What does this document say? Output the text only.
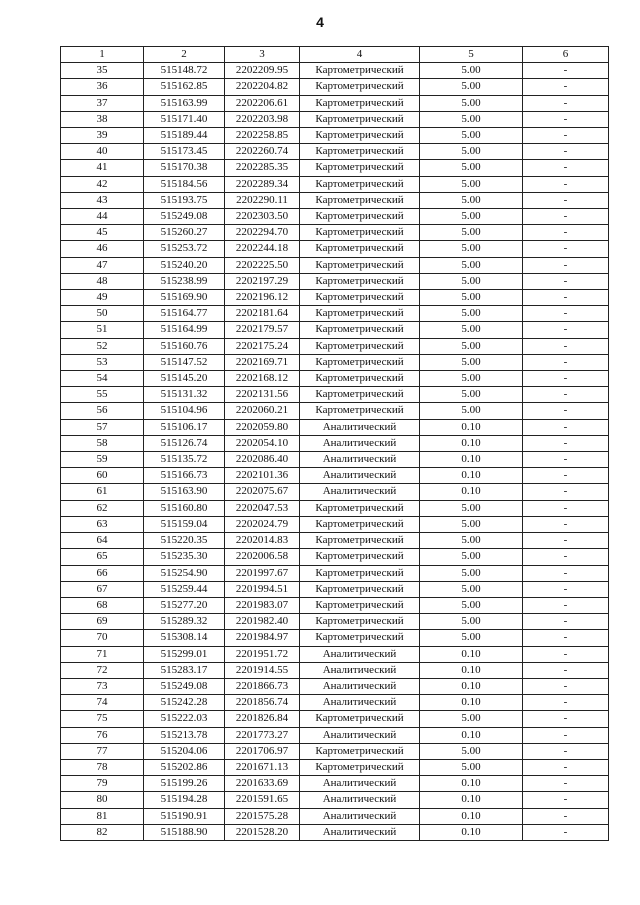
4
1	2	3	4	5	6
35	515148.72	2202209.95	Картометрический	5.00	-
36	515162.85	2202204.82	Картометрический	5.00	-
37	515163.99	2202206.61	Картометрический	5.00	-
38	515171.40	2202203.98	Картометрический	5.00	-
39	515189.44	2202258.85	Картометрический	5.00	-
40	515173.45	2202260.74	Картометрический	5.00	-
41	515170.38	2202285.35	Картометрический	5.00	-
42	515184.56	2202289.34	Картометрический	5.00	-
43	515193.75	2202290.11	Картометрический	5.00	-
44	515249.08	2202303.50	Картометрический	5.00	-
45	515260.27	2202294.70	Картометрический	5.00	-
46	515253.72	2202244.18	Картометрический	5.00	-
47	515240.20	2202225.50	Картометрический	5.00	-
48	515238.99	2202197.29	Картометрический	5.00	-
49	515169.90	2202196.12	Картометрический	5.00	-
50	515164.77	2202181.64	Картометрический	5.00	-
51	515164.99	2202179.57	Картометрический	5.00	-
52	515160.76	2202175.24	Картометрический	5.00	-
53	515147.52	2202169.71	Картометрический	5.00	-
54	515145.20	2202168.12	Картометрический	5.00	-
55	515131.32	2202131.56	Картометрический	5.00	-
56	515104.96	2202060.21	Картометрический	5.00	-
57	515106.17	2202059.80	Аналитический	0.10	-
58	515126.74	2202054.10	Аналитический	0.10	-
59	515135.72	2202086.40	Аналитический	0.10	-
60	515166.73	2202101.36	Аналитический	0.10	-
61	515163.90	2202075.67	Аналитический	0.10	-
62	515160.80	2202047.53	Картометрический	5.00	-
63	515159.04	2202024.79	Картометрический	5.00	-
64	515220.35	2202014.83	Картометрический	5.00	-
65	515235.30	2202006.58	Картометрический	5.00	-
66	515254.90	2201997.67	Картометрический	5.00	-
67	515259.44	2201994.51	Картометрический	5.00	-
68	515277.20	2201983.07	Картометрический	5.00	-
69	515289.32	2201982.40	Картометрический	5.00	-
70	515308.14	2201984.97	Картометрический	5.00	-
71	515299.01	2201951.72	Аналитический	0.10	-
72	515283.17	2201914.55	Аналитический	0.10	-
73	515249.08	2201866.73	Аналитический	0.10	-
74	515242.28	2201856.74	Аналитический	0.10	-
75	515222.03	2201826.84	Картометрический	5.00	-
76	515213.78	2201773.27	Аналитический	0.10	-
77	515204.06	2201706.97	Картометрический	5.00	-
78	515202.86	2201671.13	Картометрический	5.00	-
79	515199.26	2201633.69	Аналитический	0.10	-
80	515194.28	2201591.65	Аналитический	0.10	-
81	515190.91	2201575.28	Аналитический	0.10	-
82	515188.90	2201528.20	Аналитический	0.10	-
